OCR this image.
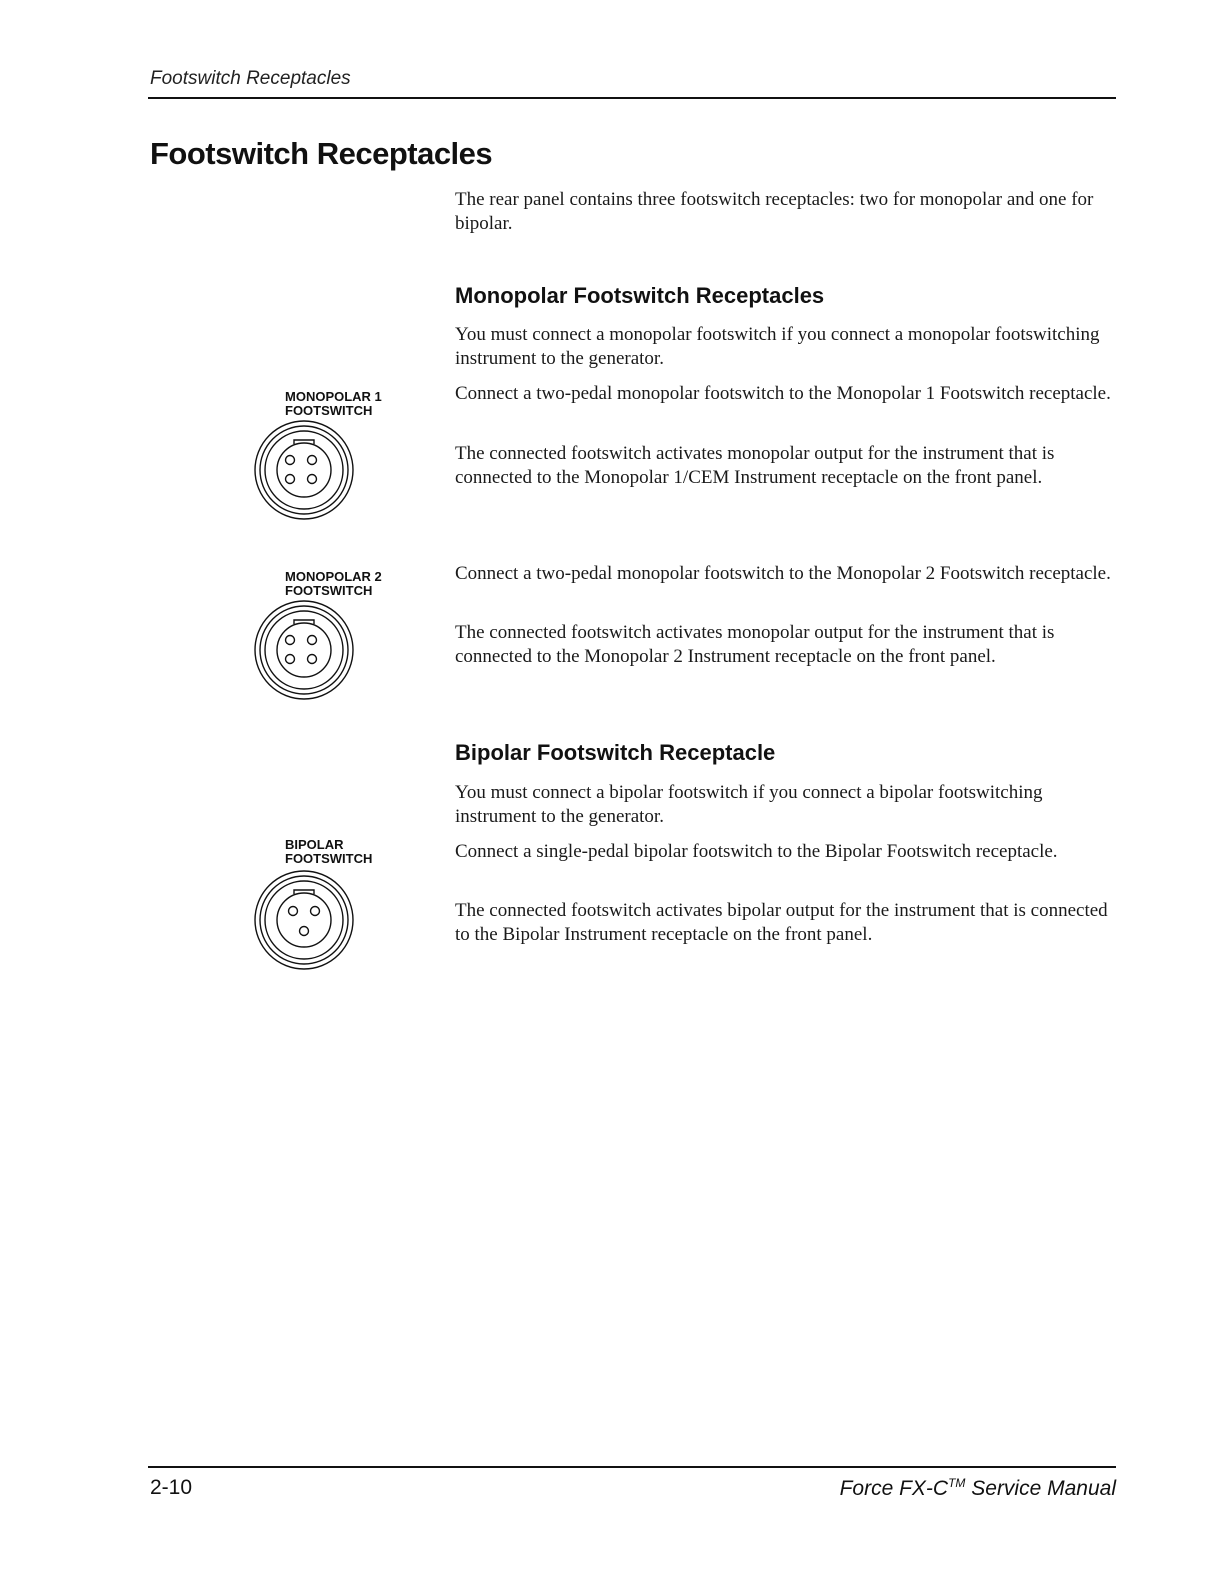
Footswitch Receptacles
Footswitch Receptacles

The rear panel contains three footswitch receptacles: two for monopolar and one for bipolar.

Monopolar Footswitch Receptacles

You must connect a monopolar footswitch if you connect a monopolar footswitching instrument to the generator.

Connect a two-pedal monopolar footswitch to the Monopolar 1 Footswitch receptacle.

The connected footswitch activates monopolar output for the instrument that is connected to the Monopolar 1/CEM Instrument receptacle on the front panel.

Connect a two-pedal monopolar footswitch to the Monopolar 2 Footswitch receptacle.

The connected footswitch activates monopolar output for the instrument that is connected to the Monopolar 2 Instrument receptacle on the front panel.

Bipolar Footswitch Receptacle

You must connect a bipolar footswitch if you connect a bipolar footswitching instrument to the generator.

Connect a single-pedal bipolar footswitch to the Bipolar Footswitch receptacle.

The connected footswitch activates bipolar output for the instrument that is connected to the Bipolar Instrument receptacle on the front panel.

MONOPOLAR 1
FOOTSWITCH
MONOPOLAR 2
FOOTSWITCH
BIPOLAR
FOOTSWITCH
2-10	Force FX-C™ Service Manual
